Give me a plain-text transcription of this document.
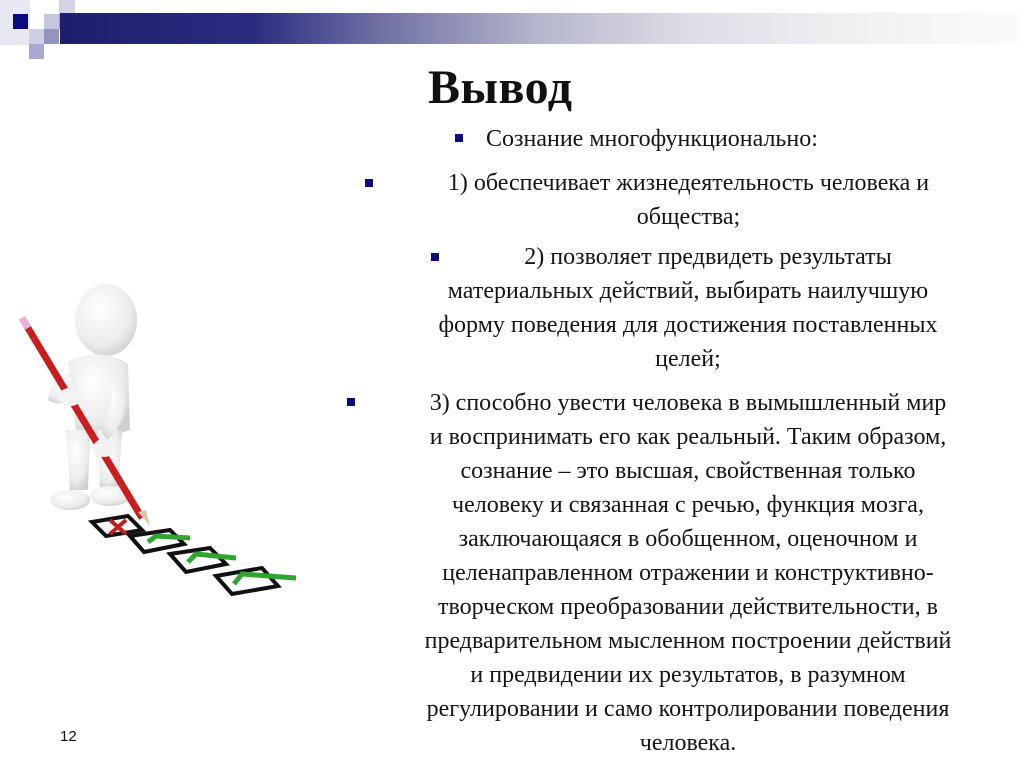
Вывод
Сознание многофункционально:
1) обеспечивает жизнедеятельность человека и
общества;
2) позволяет предвидеть результаты
материальных действий, выбирать наилучшую
форму поведения для достижения поставленных
целей;
3) способно увести человека в вымышленный мир
и воспринимать его как реальный. Таким образом,
сознание – это высшая, свойственная только
человеку и связанная с речью, функция мозга,
заключающаяся в обобщенном, оценочном и
целенаправленном отражении и конструктивно-
творческом преобразовании действительности, в
предварительном мысленном построении действий
и предвидении их результатов, в разумном
регулировании и само контролировании поведения
человека.
12
